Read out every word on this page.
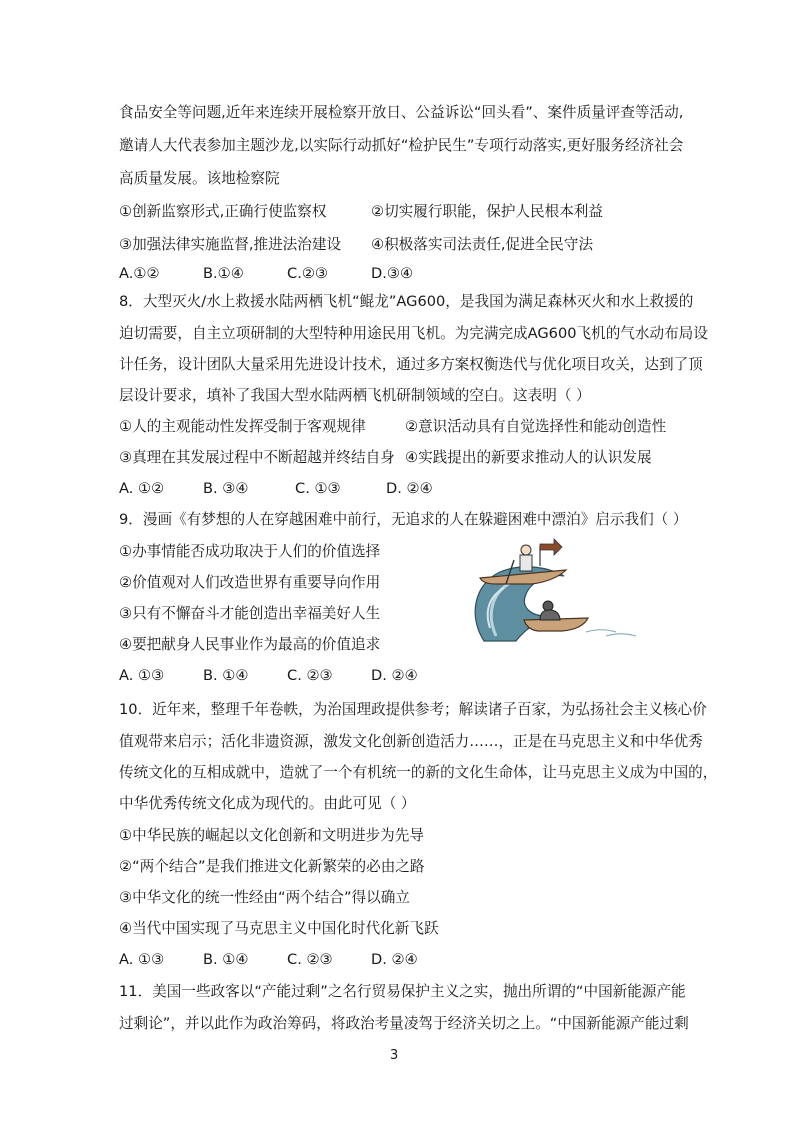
食品安全等问题,近年来连续开展检察开放日、公益诉讼“回头看”、案件质量评查等活动,
邀请人大代表参加主题沙龙,以实际行动抓好“检护民生”专项行动落实,更好服务经济社会
高质量发展。该地检察院
①创新监察形式,正确行使监察权	②切实履行职能，保护人民根本利益
③加强法律实施监督,推进法治建设 ④积极落实司法责任,促进全民守法
A.①②	B.①④	C.②③	D.③④
8．大型灭火/水上救援水陆两栖飞机“鲲龙”AG600，是我国为满足森林灭火和水上救援的
迫切需要，自主立项研制的大型特种用途民用飞机。为完满完成AG600飞机的气水动布局设
计任务，设计团队大量采用先进设计技术，通过多方案权衡迭代与优化项目攻关，达到了顶
层设计要求，填补了我国大型水陆两栖飞机研制领域的空白。这表明（ ）
①人的主观能动性发挥受制于客观规律	②意识活动具有自觉选择性和能动创造性
③真理在其发展过程中不断超越并终结自身 ④实践提出的新要求推动人的认识发展
A. ①②	B. ③④	C. ①③	D. ②④
9．漫画《有梦想的人在穿越困难中前行，无追求的人在躲避困难中漂泊》启示我们（ ）
①办事情能否成功取决于人们的价值选择
②价值观对人们改造世界有重要导向作用
③只有不懈奋斗才能创造出幸福美好人生
④要把献身人民事业作为最高的价值追求
A. ①③	B. ①④	C. ②③	D. ②④
10．近年来，整理千年卷帙，为治国理政提供参考；解读诸子百家，为弘扬社会主义核心价
值观带来启示；活化非遗资源，激发文化创新创造活力……，正是在马克思主义和中华优秀
传统文化的互相成就中，造就了一个有机统一的新的文化生命体，让马克思主义成为中国的，
中华优秀传统文化成为现代的。由此可见（ ）
①中华民族的崛起以文化创新和文明进步为先导
②“两个结合”是我们推进文化新繁荣的必由之路
③中华文化的统一性经由“两个结合”得以确立
④当代中国实现了马克思主义中国化时代化新飞跃
A. ①③	B. ①④	C. ②③	D. ②④
11．美国一些政客以“产能过剩”之名行贸易保护主义之实，抛出所谓的“中国新能源产能
过剩论”，并以此作为政治筹码，将政治考量凌驾于经济关切之上。“中国新能源产能过剩
3
